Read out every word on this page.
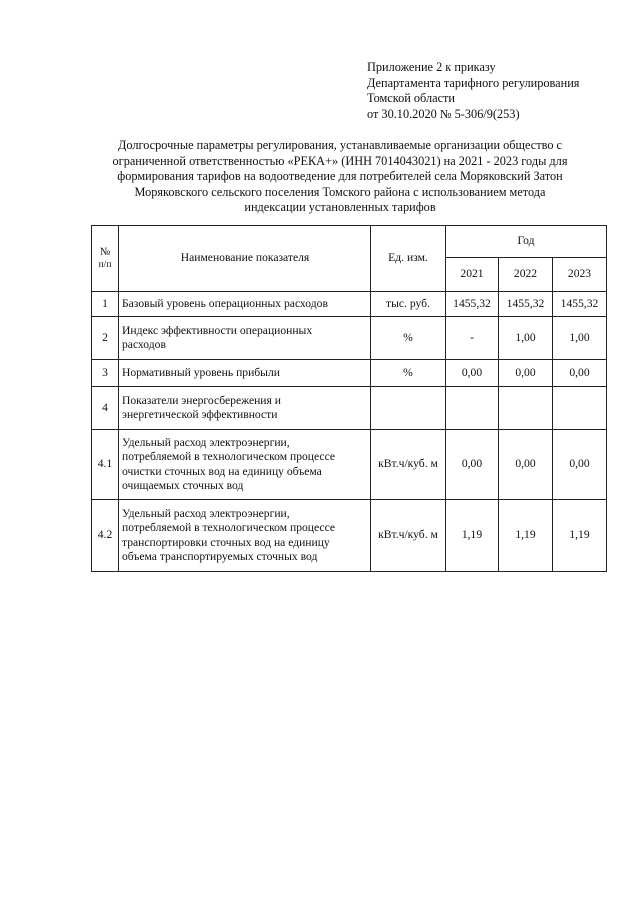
Приложение 2 к приказу
Департамента тарифного регулирования
Томской области
от 30.10.2020 № 5-306/9(253)
Долгосрочные параметры регулирования, устанавливаемые организации общество с
ограниченной ответственностью «РЕКА+» (ИНН 7014043021) на 2021 - 2023 годы для
формирования тарифов на водоотведение для потребителей села Моряковский Затон
Моряковского сельского поселения Томского района с использованием метода
индексации установленных тарифов
№
п/п	Наименование показателя	Ед. изм.	Год		
			2021	2022	2023
1	Базовый уровень операционных расходов	тыс. руб.	1455,32	1455,32	1455,32
2	Индекс эффективности операционных
расходов	%	-	1,00	1,00
3	Нормативный уровень прибыли	%	0,00	0,00	0,00
4	Показатели энергосбережения и
энергетической эффективности				

4.1	Удельный расход электроэнергии,
потребляемой в технологическом процессе
очистки сточных вод на единицу объема
очищаемых сточных вод	кВт.ч/куб. м	0,00	0,00	0,00
4.2	Удельный расход электроэнергии,
потребляемой в технологическом процессе
транспортировки сточных вод на единицу
объема транспортируемых сточных вод	кВт.ч/куб. м	1,19	1,19	1,19
